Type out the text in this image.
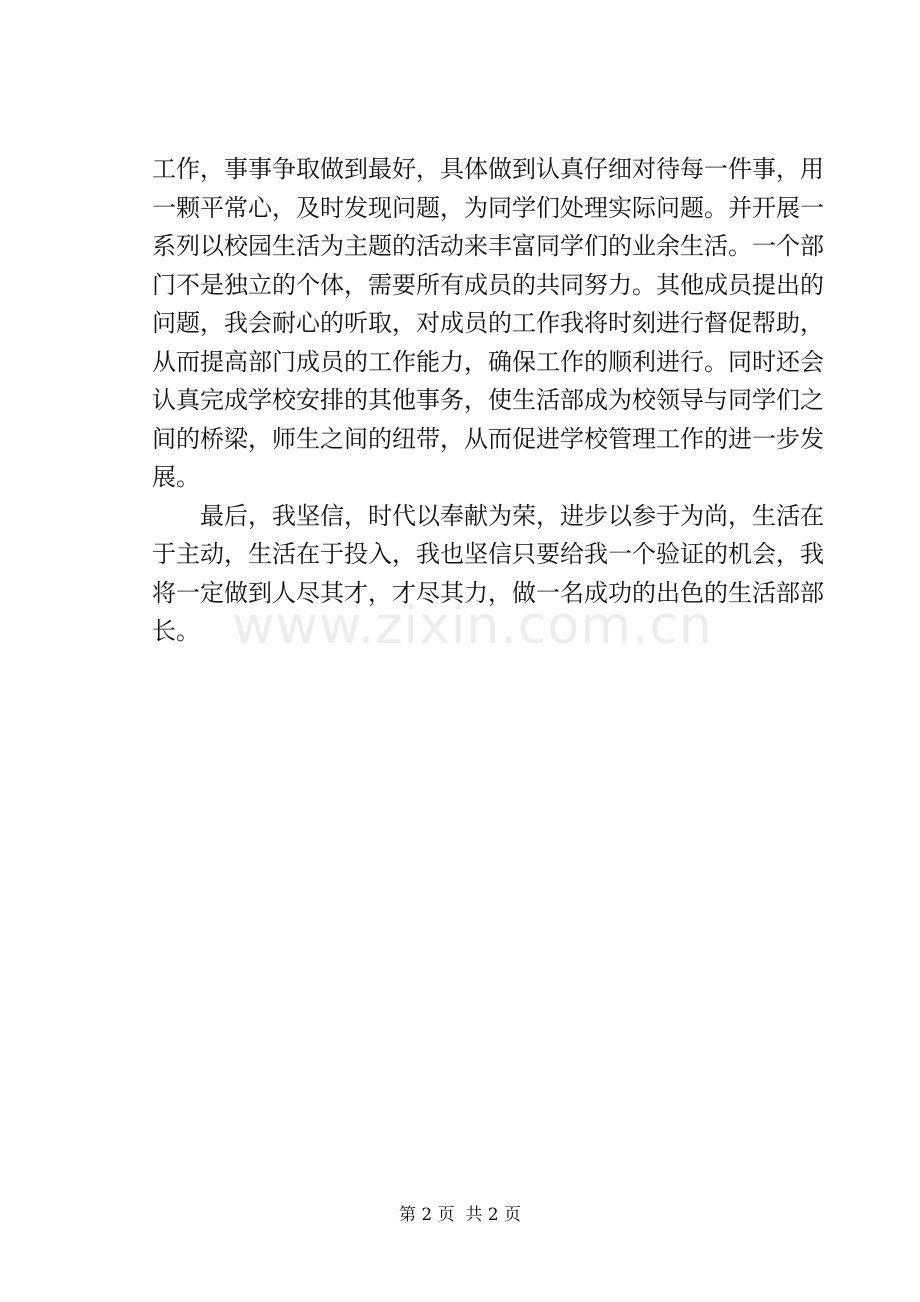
工作，事事争取做到最好，具体做到认真仔细对待每一件事，用
一颗平常心，及时发现问题，为同学们处理实际问题。并开展一
系列以校园生活为主题的活动来丰富同学们的业余生活。一个部
门不是独立的个体，需要所有成员的共同努力。其他成员提出的
问题，我会耐心的听取，对成员的工作我将时刻进行督促帮助，
从而提高部门成员的工作能力，确保工作的顺利进行。同时还会
认真完成学校安排的其他事务，使生活部成为校领导与同学们之
间的桥梁，师生之间的纽带，从而促进学校管理工作的进一步发
展。
最后，我坚信，时代以奉献为荣，进步以参于为尚，生活在
于主动，生活在于投入，我也坚信只要给我一个验证的机会，我
将一定做到人尽其才，才尽其力，做一名成功的出色的生活部部
长。 www.zixin.com.cn
第 2 页  共 2 页
